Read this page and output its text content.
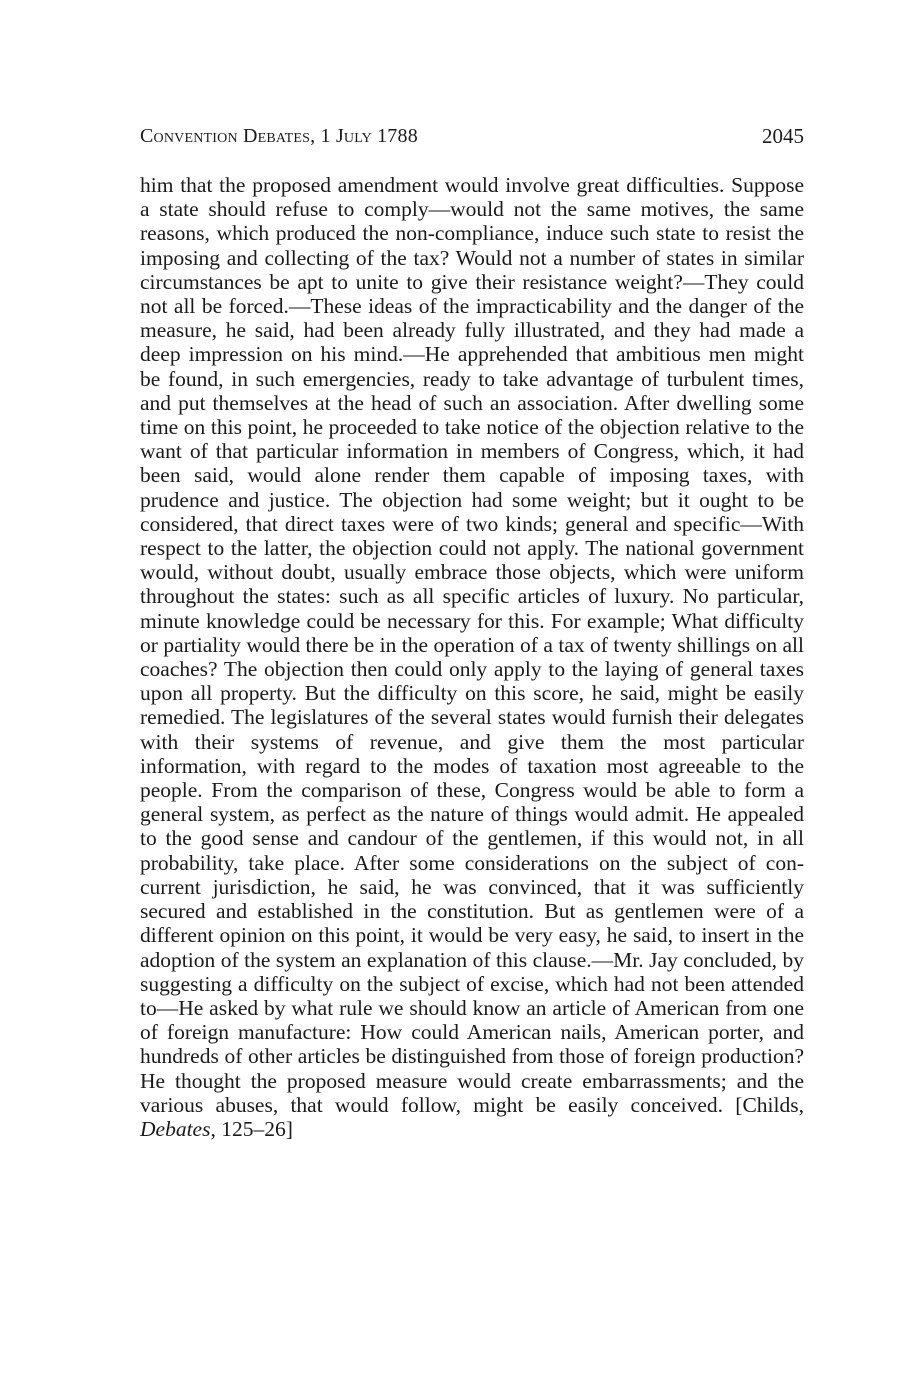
Convention Debates, 1 July 1788	2045

him that the proposed amendment would involve great difficulties. Suppose a state should refuse to comply—would not the same motives, the same reasons, which produced the non-compliance, induce such state to resist the imposing and collecting of the tax? Would not a number of states in similar circumstances be apt to unite to give their resistance weight?—They could not all be forced.—These ideas of the impracticability and the danger of the measure, he said, had been already fully illustrated, and they had made a deep impression on his mind.—He apprehended that ambitious men might be found, in such emergencies, ready to take advantage of turbulent times, and put themselves at the head of such an association. After dwelling some time on this point, he proceeded to take notice of the objection relative to the want of that particular information in members of Congress, which, it had been said, would alone render them capable of imposing taxes, with prudence and justice. The objection had some weight; but it ought to be considered, that direct taxes were of two kinds; general and specific—With respect to the latter, the objection could not apply. The national government would, without doubt, usually embrace those objects, which were uniform throughout the states: such as all specific articles of luxury. No particular, minute knowledge could be necessary for this. For example; What difficulty or partiality would there be in the operation of a tax of twenty shillings on all coaches? The objection then could only apply to the laying of general taxes upon all property. But the difficulty on this score, he said, might be easily remedied. The legislatures of the several states would furnish their delegates with their systems of revenue, and give them the most particular information, with regard to the modes of taxation most agreeable to the people. From the comparison of these, Congress would be able to form a general system, as perfect as the nature of things would admit. He appealed to the good sense and candour of the gentlemen, if this would not, in all probability, take place. After some considerations on the subject of concurrent jurisdiction, he said, he was convinced, that it was sufficiently secured and established in the constitution. But as gentlemen were of a different opinion on this point, it would be very easy, he said, to insert in the adoption of the system an explanation of this clause.—Mr. Jay concluded, by suggesting a difficulty on the subject of excise, which had not been attended to—He asked by what rule we should know an article of American from one of foreign manufacture: How could American nails, American porter, and hundreds of other articles be distinguished from those of foreign production? He thought the proposed measure would create embarrassments; and the various abuses, that would follow, might be easily conceived. [Childs, Debates, 125–26]
